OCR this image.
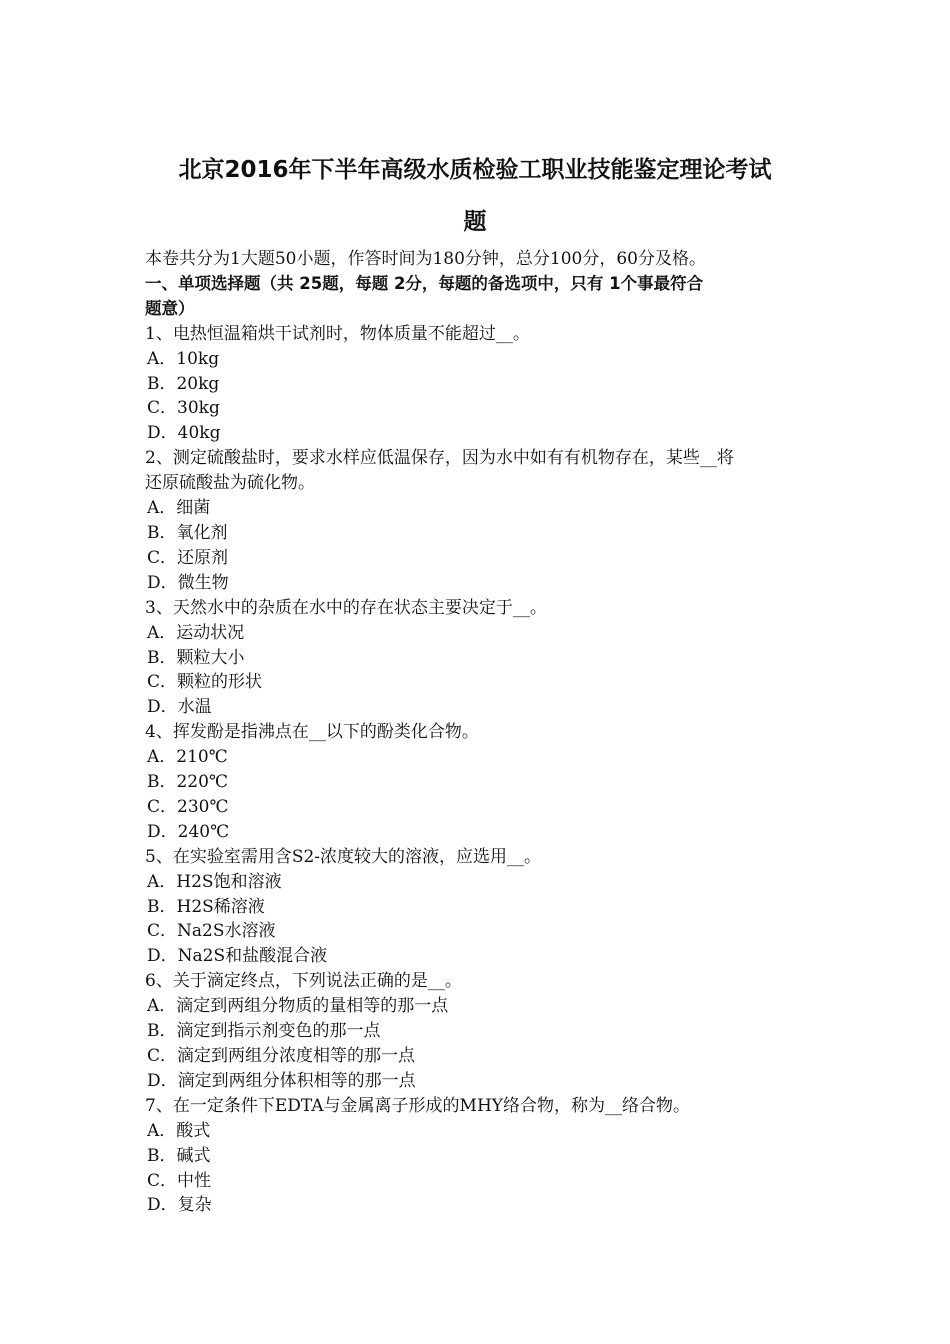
北京2016年下半年高级水质检验工职业技能鉴定理论考试
题

本卷共分为1大题50小题，作答时间为180分钟，总分100分，60分及格。

一、单项选择题（共 25题，每题 2分，每题的备选项中，只有 1个事最符合

题意）

1、电热恒温箱烘干试剂时，物体质量不能超过__。

A．10kg

B．20kg

C．30kg

D．40kg

2、测定硫酸盐时，要求水样应低温保存，因为水中如有有机物存在，某些__将

还原硫酸盐为硫化物。

A．细菌

B．氧化剂

C．还原剂

D．微生物

3、天然水中的杂质在水中的存在状态主要决定于__。

A．运动状况

B．颗粒大小

C．颗粒的形状

D．水温

4、挥发酚是指沸点在__以下的酚类化合物。

A．210℃

B．220℃

C．230℃

D．240℃

5、在实验室需用含S2-浓度较大的溶液，应选用__。

A．H2S饱和溶液

B．H2S稀溶液

C．Na2S水溶液

D．Na2S和盐酸混合液

6、关于滴定终点，下列说法正确的是__。

A．滴定到两组分物质的量相等的那一点

B．滴定到指示剂变色的那一点

C．滴定到两组分浓度相等的那一点

D．滴定到两组分体积相等的那一点

7、在一定条件下EDTA与金属离子形成的MHY络合物，称为__络合物。

A．酸式

B．碱式

C．中性

D．复杂
